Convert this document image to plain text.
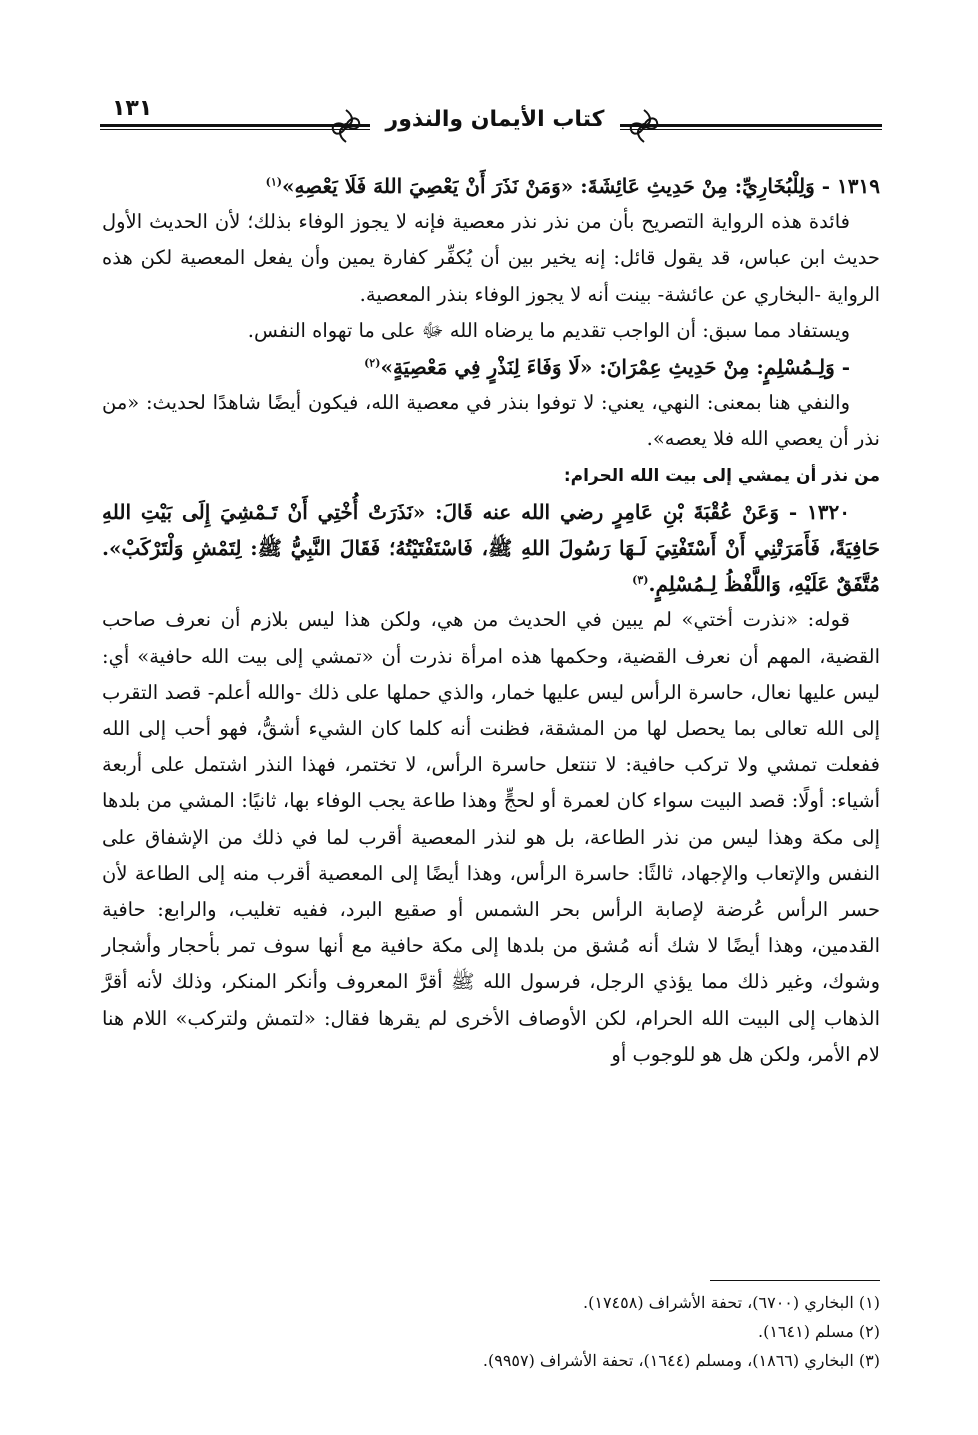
١٣١	كتاب الأيمان والنذور

١٣١٩ - وَلِلْبُخَارِيِّ: مِنْ حَدِيثِ عَائِشَةَ: «وَمَنْ نَذَرَ أَنْ يَعْصِيَ اللهَ فَلَا يَعْصِهِ»$^{(١)}$

فائدة هذه الرواية التصريح بأن من نذر نذر معصية فإنه لا يجوز الوفاء بذلك؛ لأن الحديث الأول حديث ابن عباس، قد يقول قائل: إنه يخير بين أن يُكفِّر كفارة يمين وأن يفعل المعصية لكن هذه الرواية -البخاري عن عائشة- بينت أنه لا يجوز الوفاء بنذر المعصية.

ويستفاد مما سبق: أن الواجب تقديم ما يرضاه الله ﷻ على ما تهواه النفس.

- وَلِـمُسْلِمٍ: مِنْ حَدِيثِ عِمْرَانَ: «لَا وَفَاءَ لِنَذْرٍ فِي مَعْصِيَةٍ»$^{(٢)}$

والنفي هنا بمعنى: النهي، يعني: لا توفوا بنذر في معصية الله، فيكون أيضًا شاهدًا لحديث: «من نذر أن يعصي الله فلا يعصه».

من نذر أن يمشي إلى بيت الله الحرام:

١٣٢٠ - وَعَنْ عُقْبَةَ بْنِ عَامِرٍ رضي الله عنه قَالَ: «نَذَرَتْ أُخْتِي أَنْ تَـمْشِيَ إِلَى بَيْتِ اللهِ حَافِيَةً، فَأَمَرَتْنِي أَنْ أَسْتَفْتِيَ لَـهَا رَسُولَ اللهِ ﷺ، فَاسْتَفْتَيْتُهُ؛ فَقَالَ النَّبِيُّ ﷺ: لِتَمْشِ وَلْتَرْكَبْ». مُتَّفَقٌ عَلَيْهِ، وَاللَّفْظُ لِـمُسْلِمٍ.$^{(٣)}$

قوله: «نذرت أختي» لم يبين في الحديث من هي، ولكن هذا ليس بلازم أن نعرف صاحب القضية، المهم أن نعرف القضية، وحكمها هذه امرأة نذرت أن «تمشي إلى بيت الله حافية» أي: ليس عليها نعال، حاسرة الرأس ليس عليها خمار، والذي حملها على ذلك -والله أعلم- قصد التقرب إلى الله تعالى بما يحصل لها من المشقة، فظنت أنه كلما كان الشيء أشقُّ، فهو أحب إلى الله ففعلت تمشي ولا تركب حافية: لا تنتعل حاسرة الرأس، لا تختمر، فهذا النذر اشتمل على أربعة أشياء: أولًا: قصد البيت سواء كان لعمرة أو لحجٍّ وهذا طاعة يجب الوفاء بها، ثانيًا: المشي من بلدها إلى مكة وهذا ليس من نذر الطاعة، بل هو لنذر المعصية أقرب لما في ذلك من الإشفاق على النفس والإتعاب والإجهاد، ثالثًا: حاسرة الرأس، وهذا أيضًا إلى المعصية أقرب منه إلى الطاعة لأن حسر الرأس عُرضة لإصابة الرأس بحر الشمس أو صقيع البرد، ففيه تغليب، والرابع: حافية القدمين، وهذا أيضًا لا شك أنه مُشق من بلدها إلى مكة حافية مع أنها سوف تمر بأحجار وأشجار وشوك، وغير ذلك مما يؤذي الرجل، فرسول الله ﷺ أقرَّ المعروف وأنكر المنكر، وذلك لأنه أقرَّ الذهاب إلى البيت الله الحرام، لكن الأوصاف الأخرى لم يقرها فقال: «لتمش ولتركب» اللام هنا لام الأمر، ولكن هل هو للوجوب أو

(١) البخاري (٦٧٠٠)، تحفة الأشراف (١٧٤٥٨).

(٢) مسلم (١٦٤١).

(٣) البخاري (١٨٦٦)، ومسلم (١٦٤٤)، تحفة الأشراف (٩٩٥٧).
